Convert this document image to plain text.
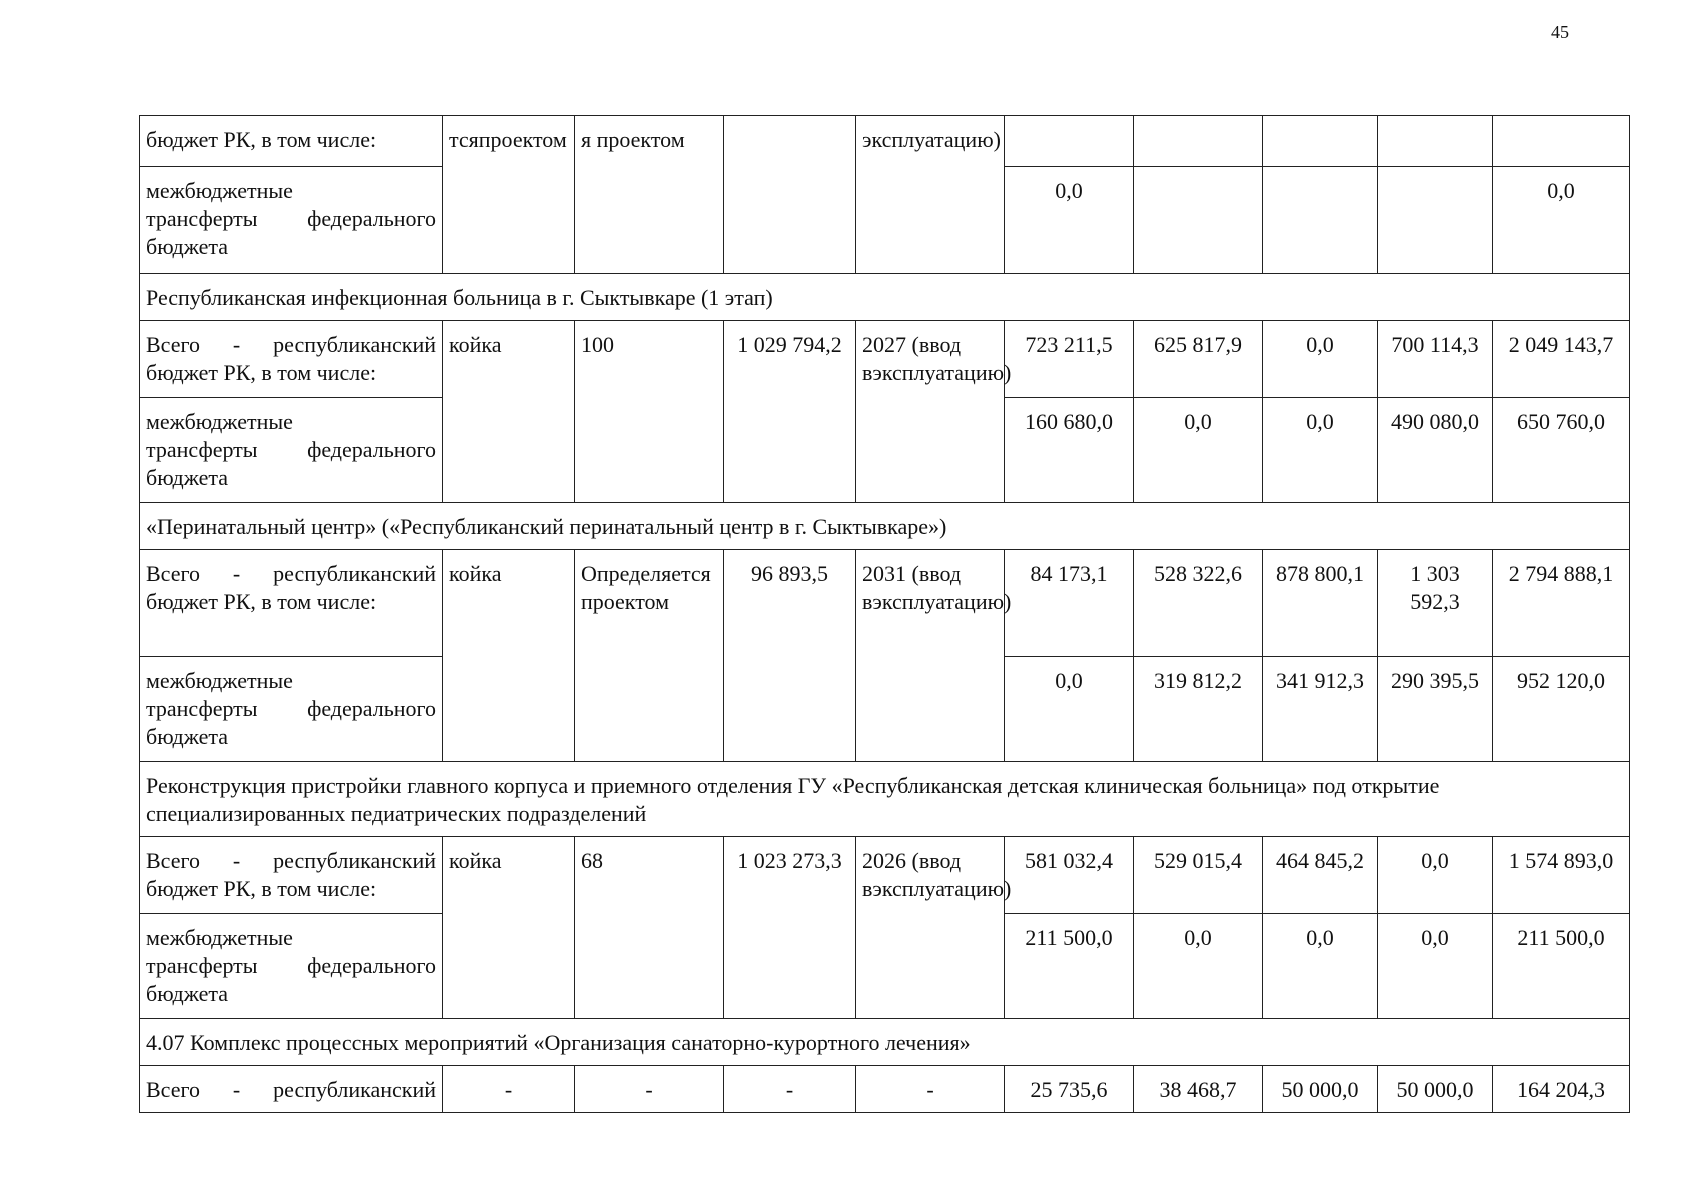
45
бюджет РК, в том числе:	тсяпроектом	я проектом		эксплуатацию)					

межбюджетные
трансферты федерального
бюджета					0,0				0,0
Республиканская инфекционная больница в г. Сыктывкаре (1 этап)									

Всего - республиканский
бюджет РК, в том числе:	койка	100	1 029 794,2	2027 (ввод вэксплуатацию)	723 211,5	625 817,9	0,0	700 114,3	2 049 143,7

межбюджетные
трансферты федерального
бюджета					160 680,0	0,0	0,0	490 080,0	650 760,0
«Перинатальный центр» («Республиканский перинатальный центр в г. Сыктывкаре»)									

Всего - республиканский
бюджет РК, в том числе:	койка	Определяется проектом	96 893,5	2031 (ввод вэксплуатацию)	84 173,1	528 322,6	878 800,1	1 303 592,3	2 794 888,1

межбюджетные
трансферты федерального
бюджета					0,0	319 812,2	341 912,3	290 395,5	952 120,0
Реконструкция пристройки главного корпуса и приемного отделения ГУ «Республиканская детская клиническая больница» под открытие специализированных педиатрических подразделений									

Всего - республиканский
бюджет РК, в том числе:	койка	68	1 023 273,3	2026 (ввод вэксплуатацию)	581 032,4	529 015,4	464 845,2	0,0	1 574 893,0

межбюджетные
трансферты федерального
бюджета					211 500,0	0,0	0,0	0,0	211 500,0
4.07 Комплекс процессных мероприятий «Организация санаторно-курортного лечения»									

Всего - республиканский	-	-	-	-	25 735,6	38 468,7	50 000,0	50 000,0	164 204,3
